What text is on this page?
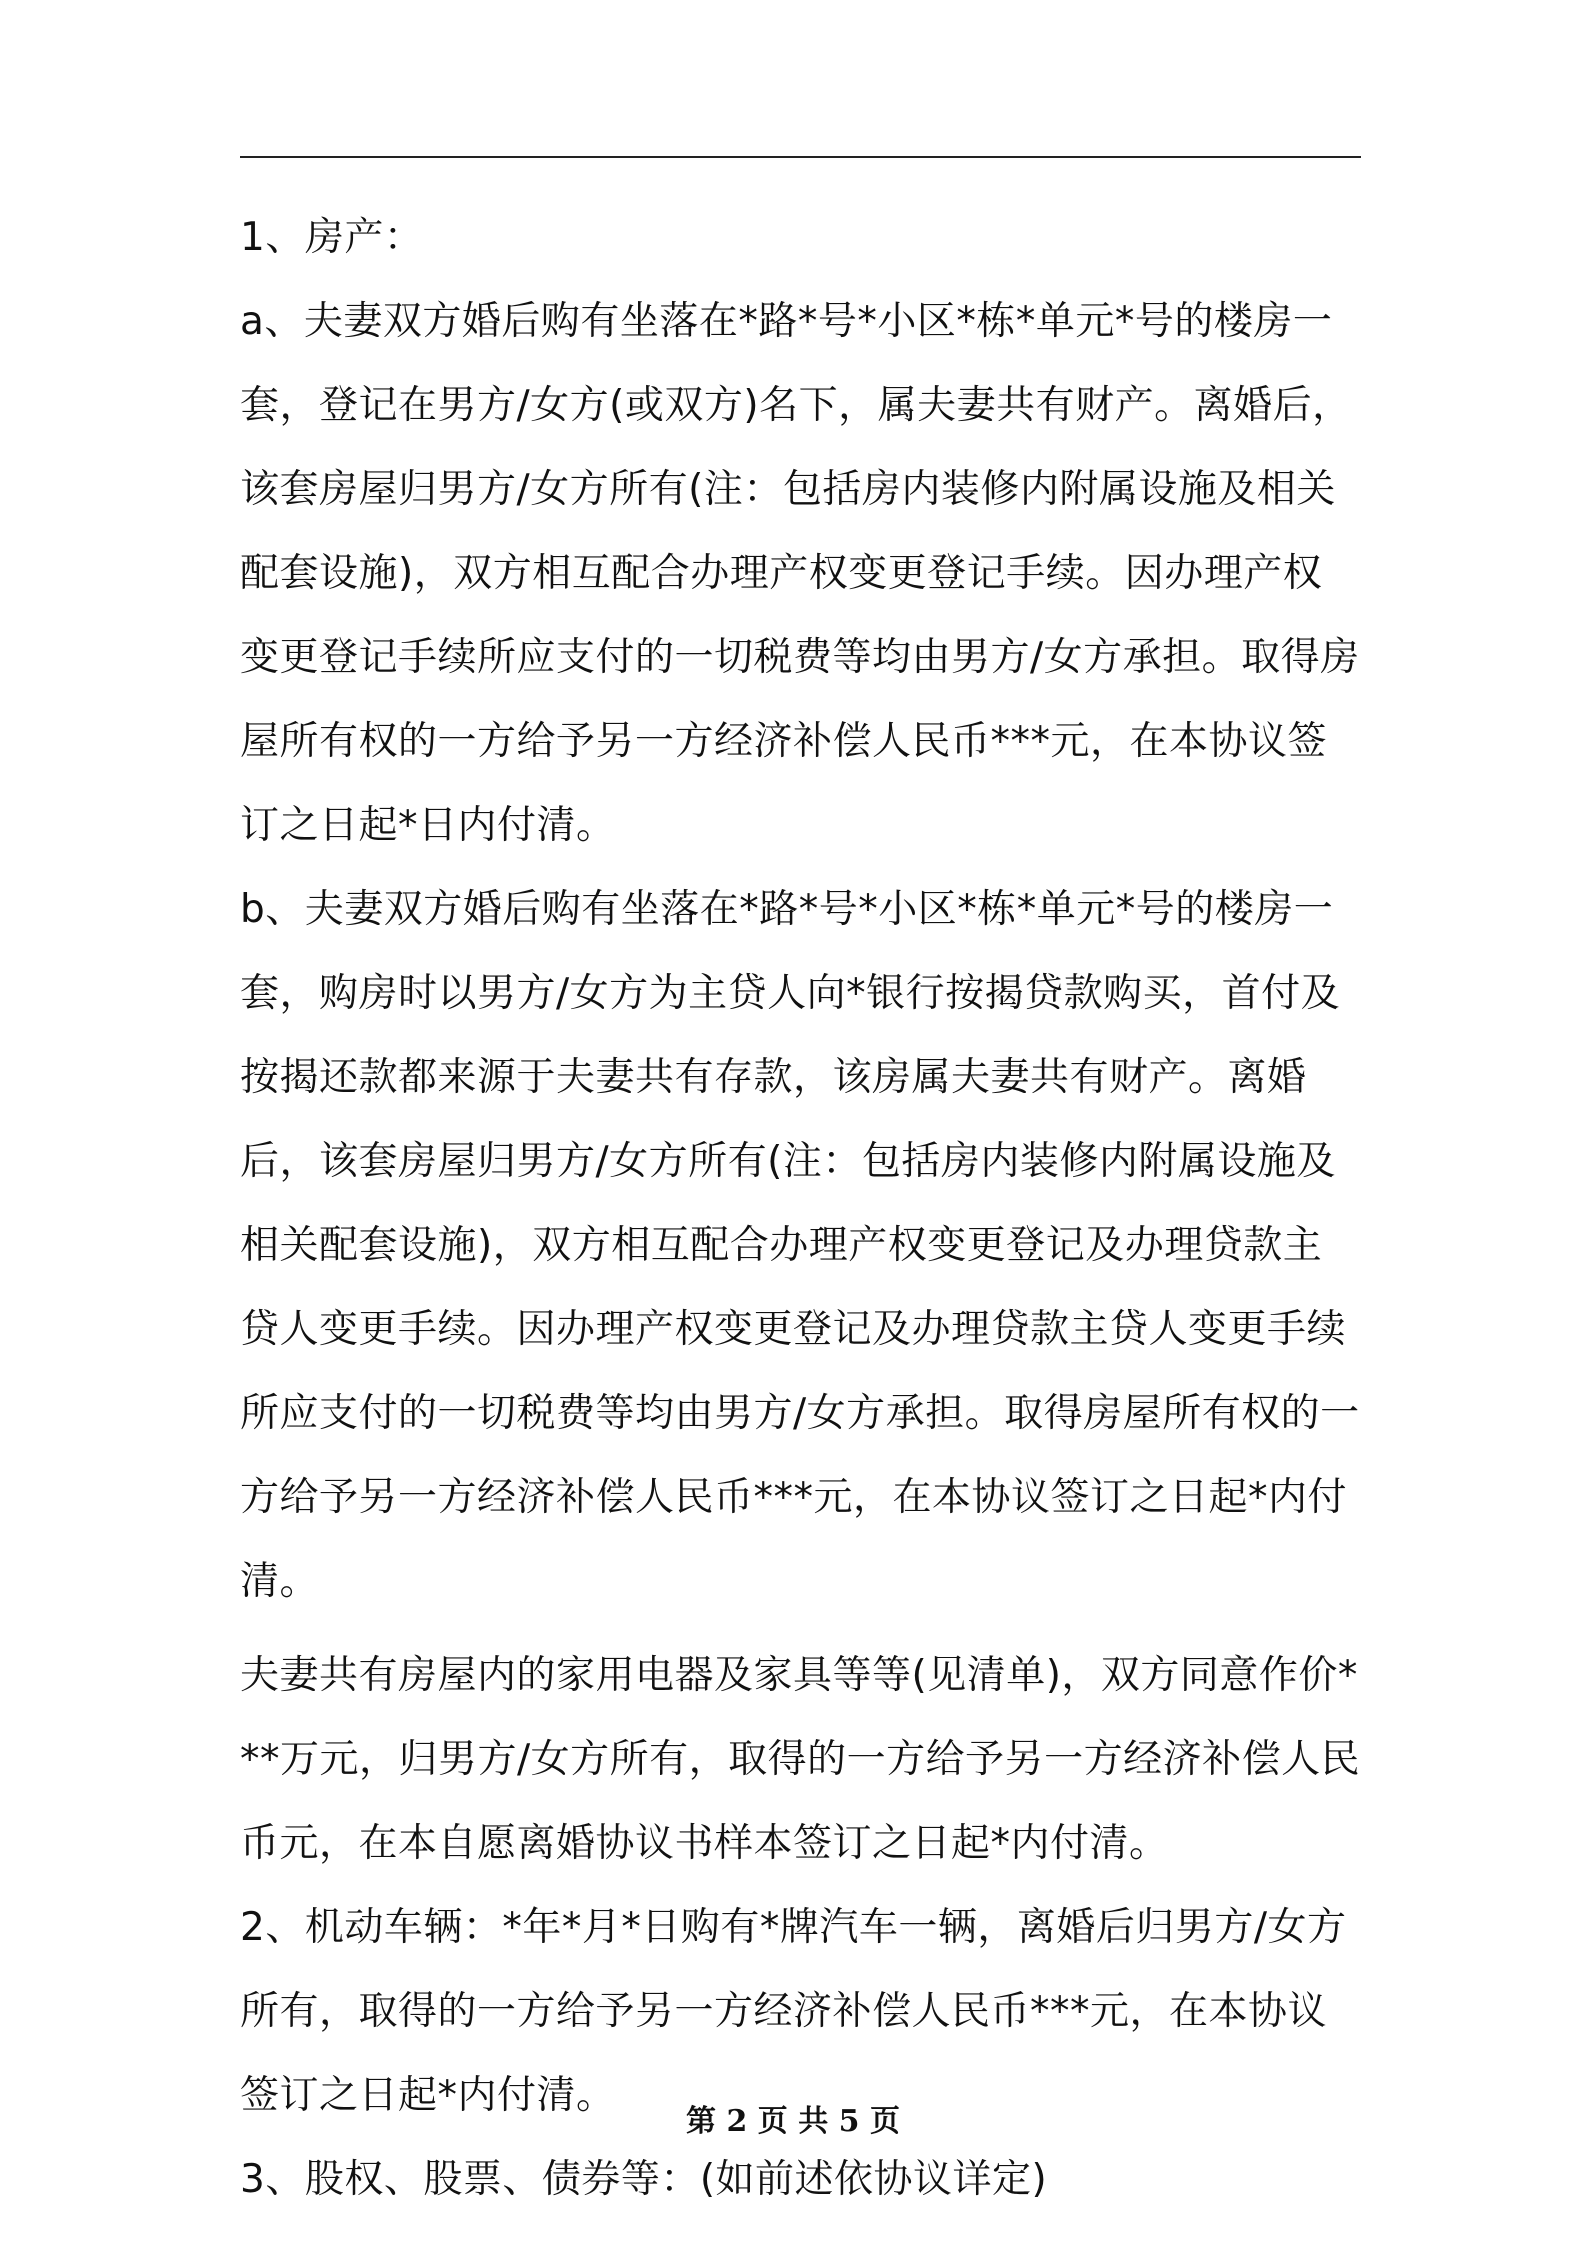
1、房产：

a、夫妻双方婚后购有坐落在*路*号*小区*栋*单元*号的楼房一套，登记在男方/女方(或双方)名下，属夫妻共有财产。离婚后，该套房屋归男方/女方所有(注：包括房内装修内附属设施及相关配套设施)，双方相互配合办理产权变更登记手续。因办理产权变更登记手续所应支付的一切税费等均由男方/女方承担。取得房屋所有权的一方给予另一方经济补偿人民币***元，在本协议签订之日起*日内付清。

b、夫妻双方婚后购有坐落在*路*号*小区*栋*单元*号的楼房一套，购房时以男方/女方为主贷人向*银行按揭贷款购买，首付及按揭还款都来源于夫妻共有存款，该房属夫妻共有财产。离婚后，该套房屋归男方/女方所有(注：包括房内装修内附属设施及相关配套设施)，双方相互配合办理产权变更登记及办理贷款主贷人变更手续。因办理产权变更登记及办理贷款主贷人变更手续所应支付的一切税费等均由男方/女方承担。取得房屋所有权的一方给予另一方经济补偿人民币***元，在本协议签订之日起*内付清。

夫妻共有房屋内的家用电器及家具等等(见清单)，双方同意作价***万元，归男方/女方所有，取得的一方给予另一方经济补偿人民币元，在本自愿离婚协议书样本签订之日起*内付清。

2、机动车辆：*年*月*日购有*牌汽车一辆，离婚后归男方/女方所有，取得的一方给予另一方经济补偿人民币***元，在本协议签订之日起*内付清。

3、股权、股票、债券等：(如前述依协议详定)

第 2 页 共 5 页
